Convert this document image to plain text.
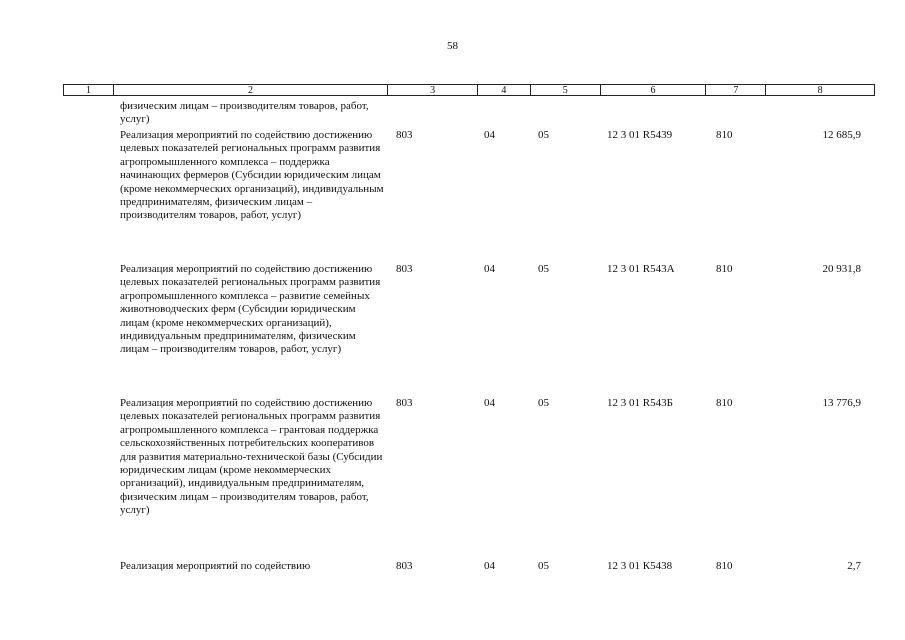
58
1	2	3	4	5	6	7	8
физическим лицам – производителям товаров, работ, услуг)
Реализация мероприятий по содействию достижению целевых показателей региональных программ развития агропромышленного комплекса – поддержка начинающих фермеров (Субсидии юридическим лицам (кроме некоммерческих организаций), индивидуальным предпринимателям, физическим лицам – производителям товаров, работ, услуг)
803	04	05	12 3 01 R5439	810	12 685,9
Реализация мероприятий по содействию достижению целевых показателей региональных программ развития агропромышленного комплекса – развитие семейных животноводческих ферм (Субсидии юридическим лицам (кроме некоммерческих организаций), индивидуальным предпринимателям, физическим лицам – производителям товаров, работ, услуг)
803	04	05	12 3 01 R543А	810	20 931,8
Реализация мероприятий по содействию достижению целевых показателей региональных программ развития агропромышленного комплекса – грантовая поддержка сельскохозяйственных потребительских кооперативов для развития материально-технической базы (Субсидии юридическим лицам (кроме некоммерческих организаций), индивидуальным предпринимателям, физическим лицам – производителям товаров, работ, услуг)
803	04	05	12 3 01 R543Б	810	13 776,9
Реализация мероприятий по содействию	803	04	05	12 3 01 К5438	810	2,7
